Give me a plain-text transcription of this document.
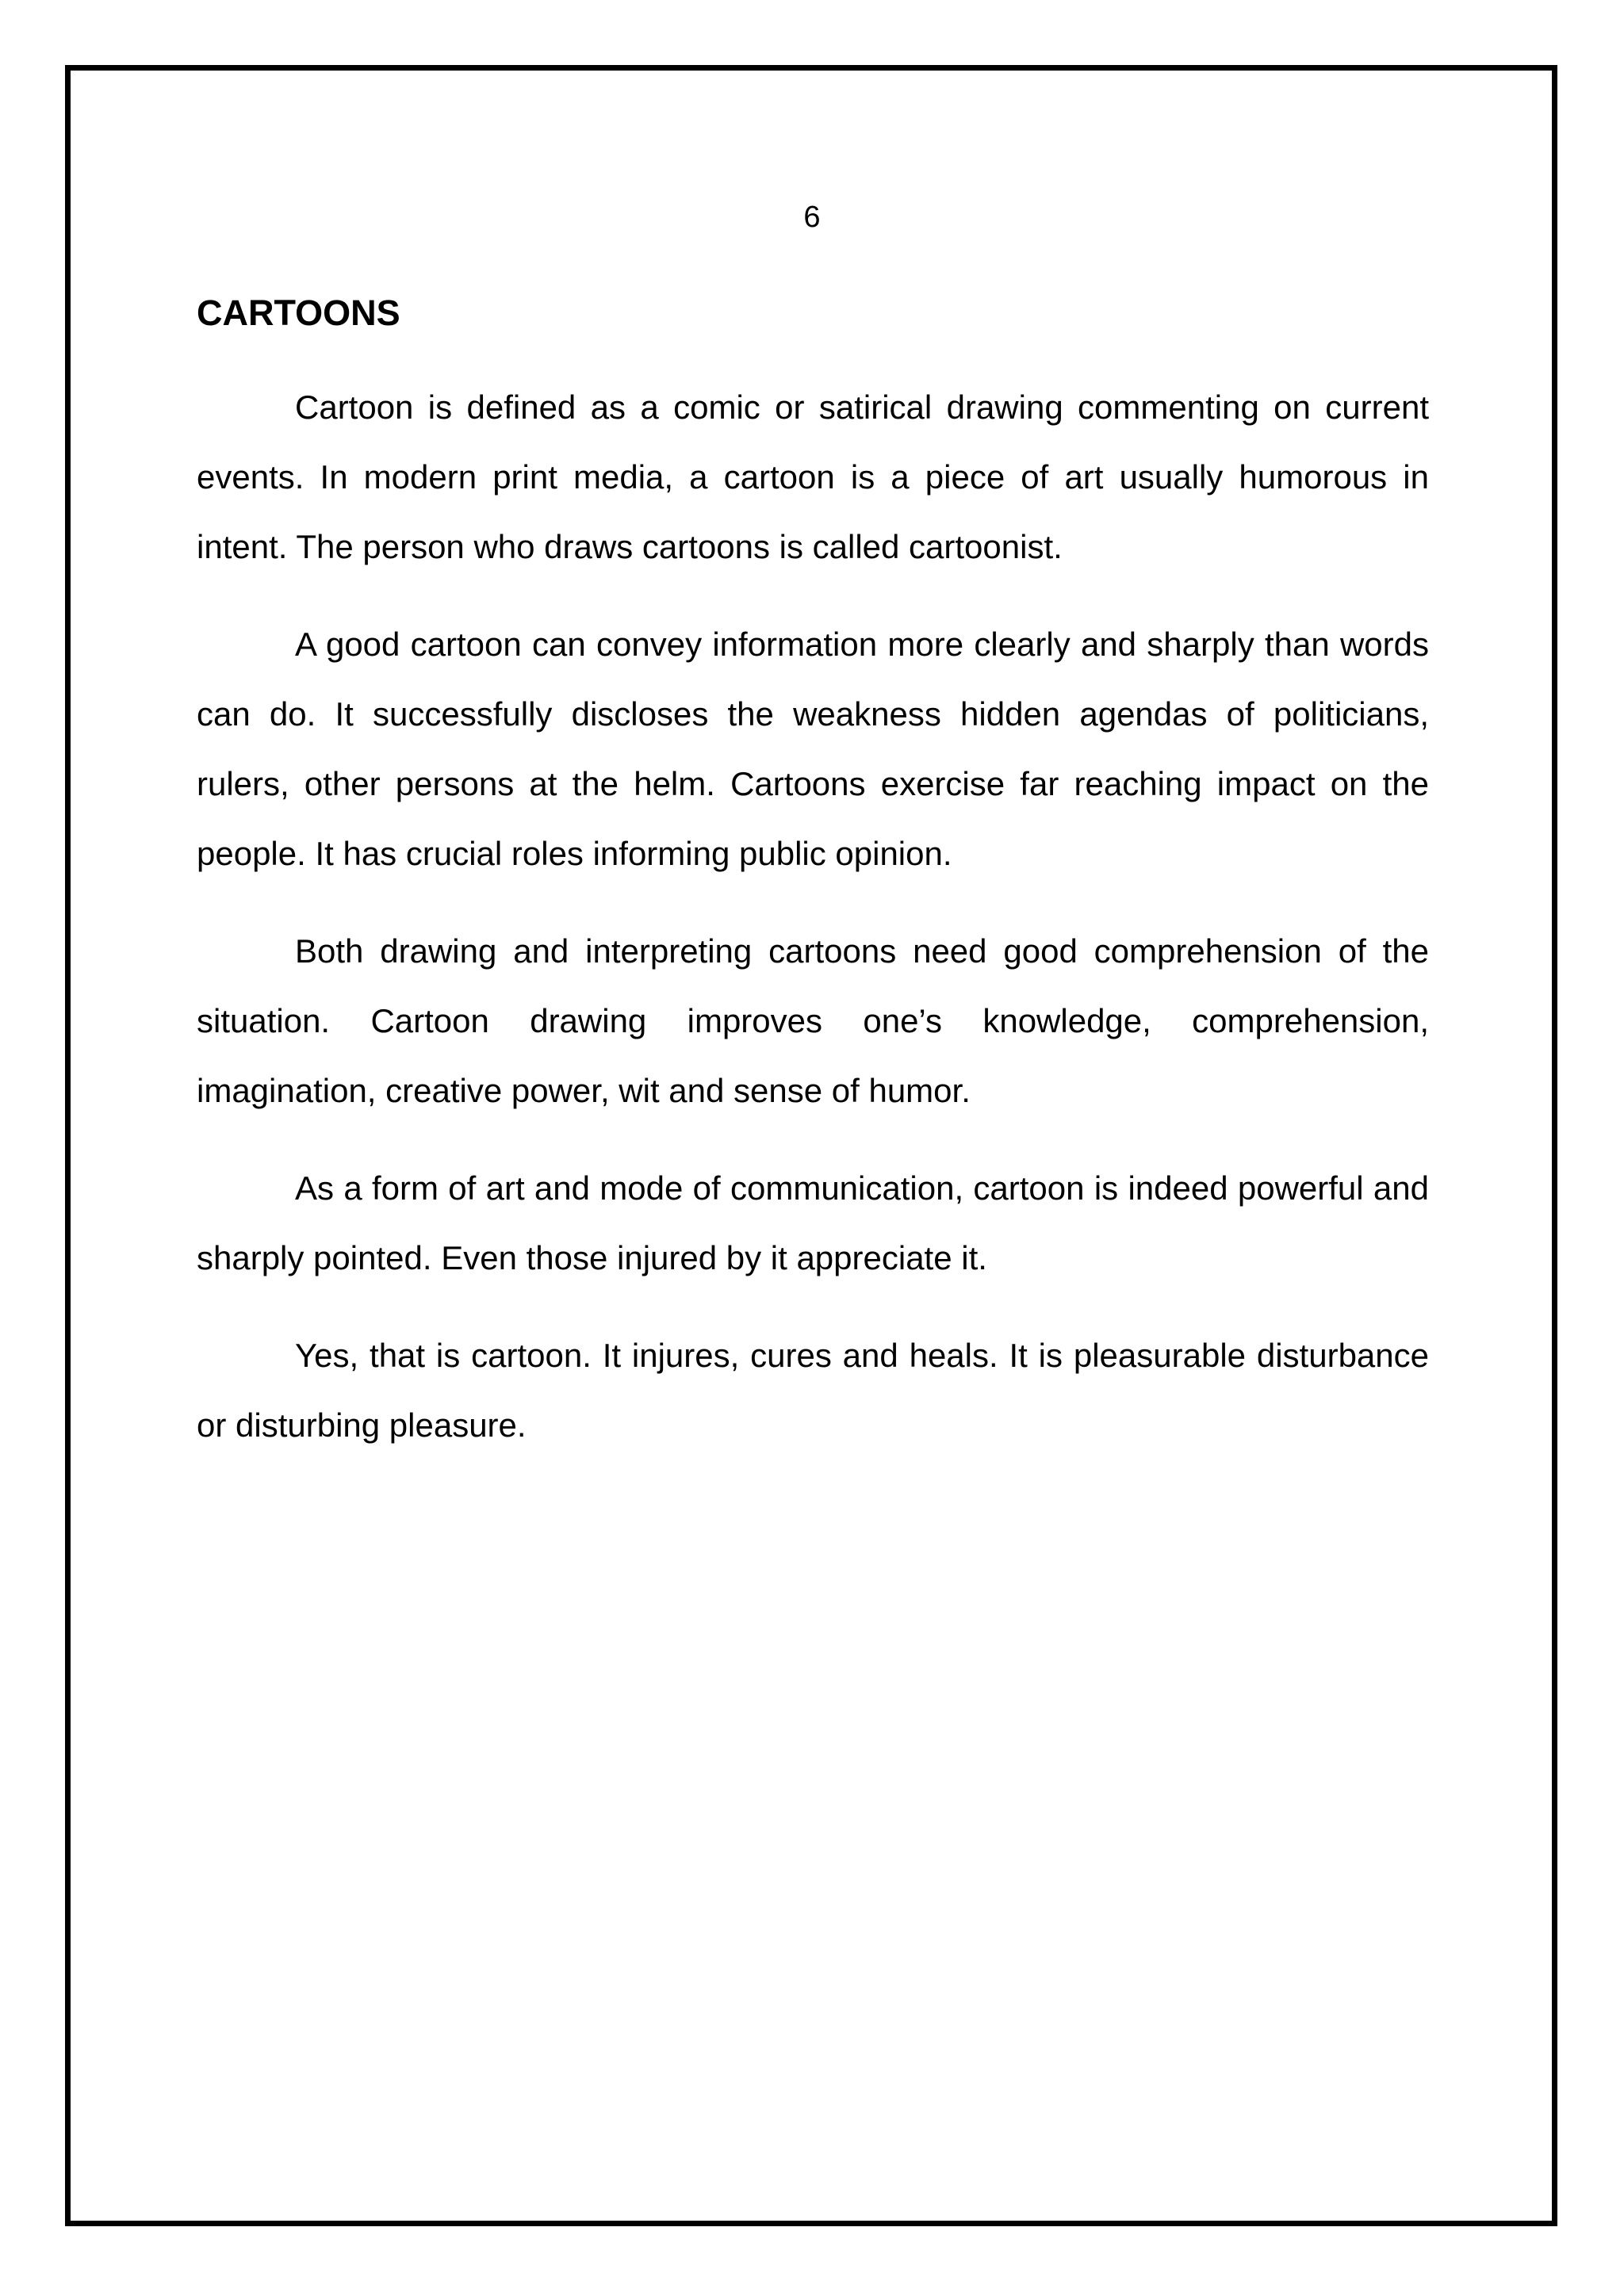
6
CARTOONS

Cartoon is defined as a comic or satirical drawing commenting on current events. In modern print media, a cartoon is a piece of art usually humorous in intent. The person who draws cartoons is called cartoonist.

A good cartoon can convey information more clearly and sharply than words can do. It successfully discloses the weakness hidden agendas of politicians, rulers, other persons at the helm. Cartoons exercise far reaching impact on the people. It has crucial roles informing public opinion.

Both drawing and interpreting cartoons need good comprehension of the situation. Cartoon drawing improves one’s knowledge, comprehension, imagination, creative power, wit and sense of humor.

As a form of art and mode of communication, cartoon is indeed powerful and sharply pointed. Even those injured by it appreciate it.

Yes, that is cartoon. It injures, cures and heals. It is pleasurable disturbance or disturbing pleasure.
